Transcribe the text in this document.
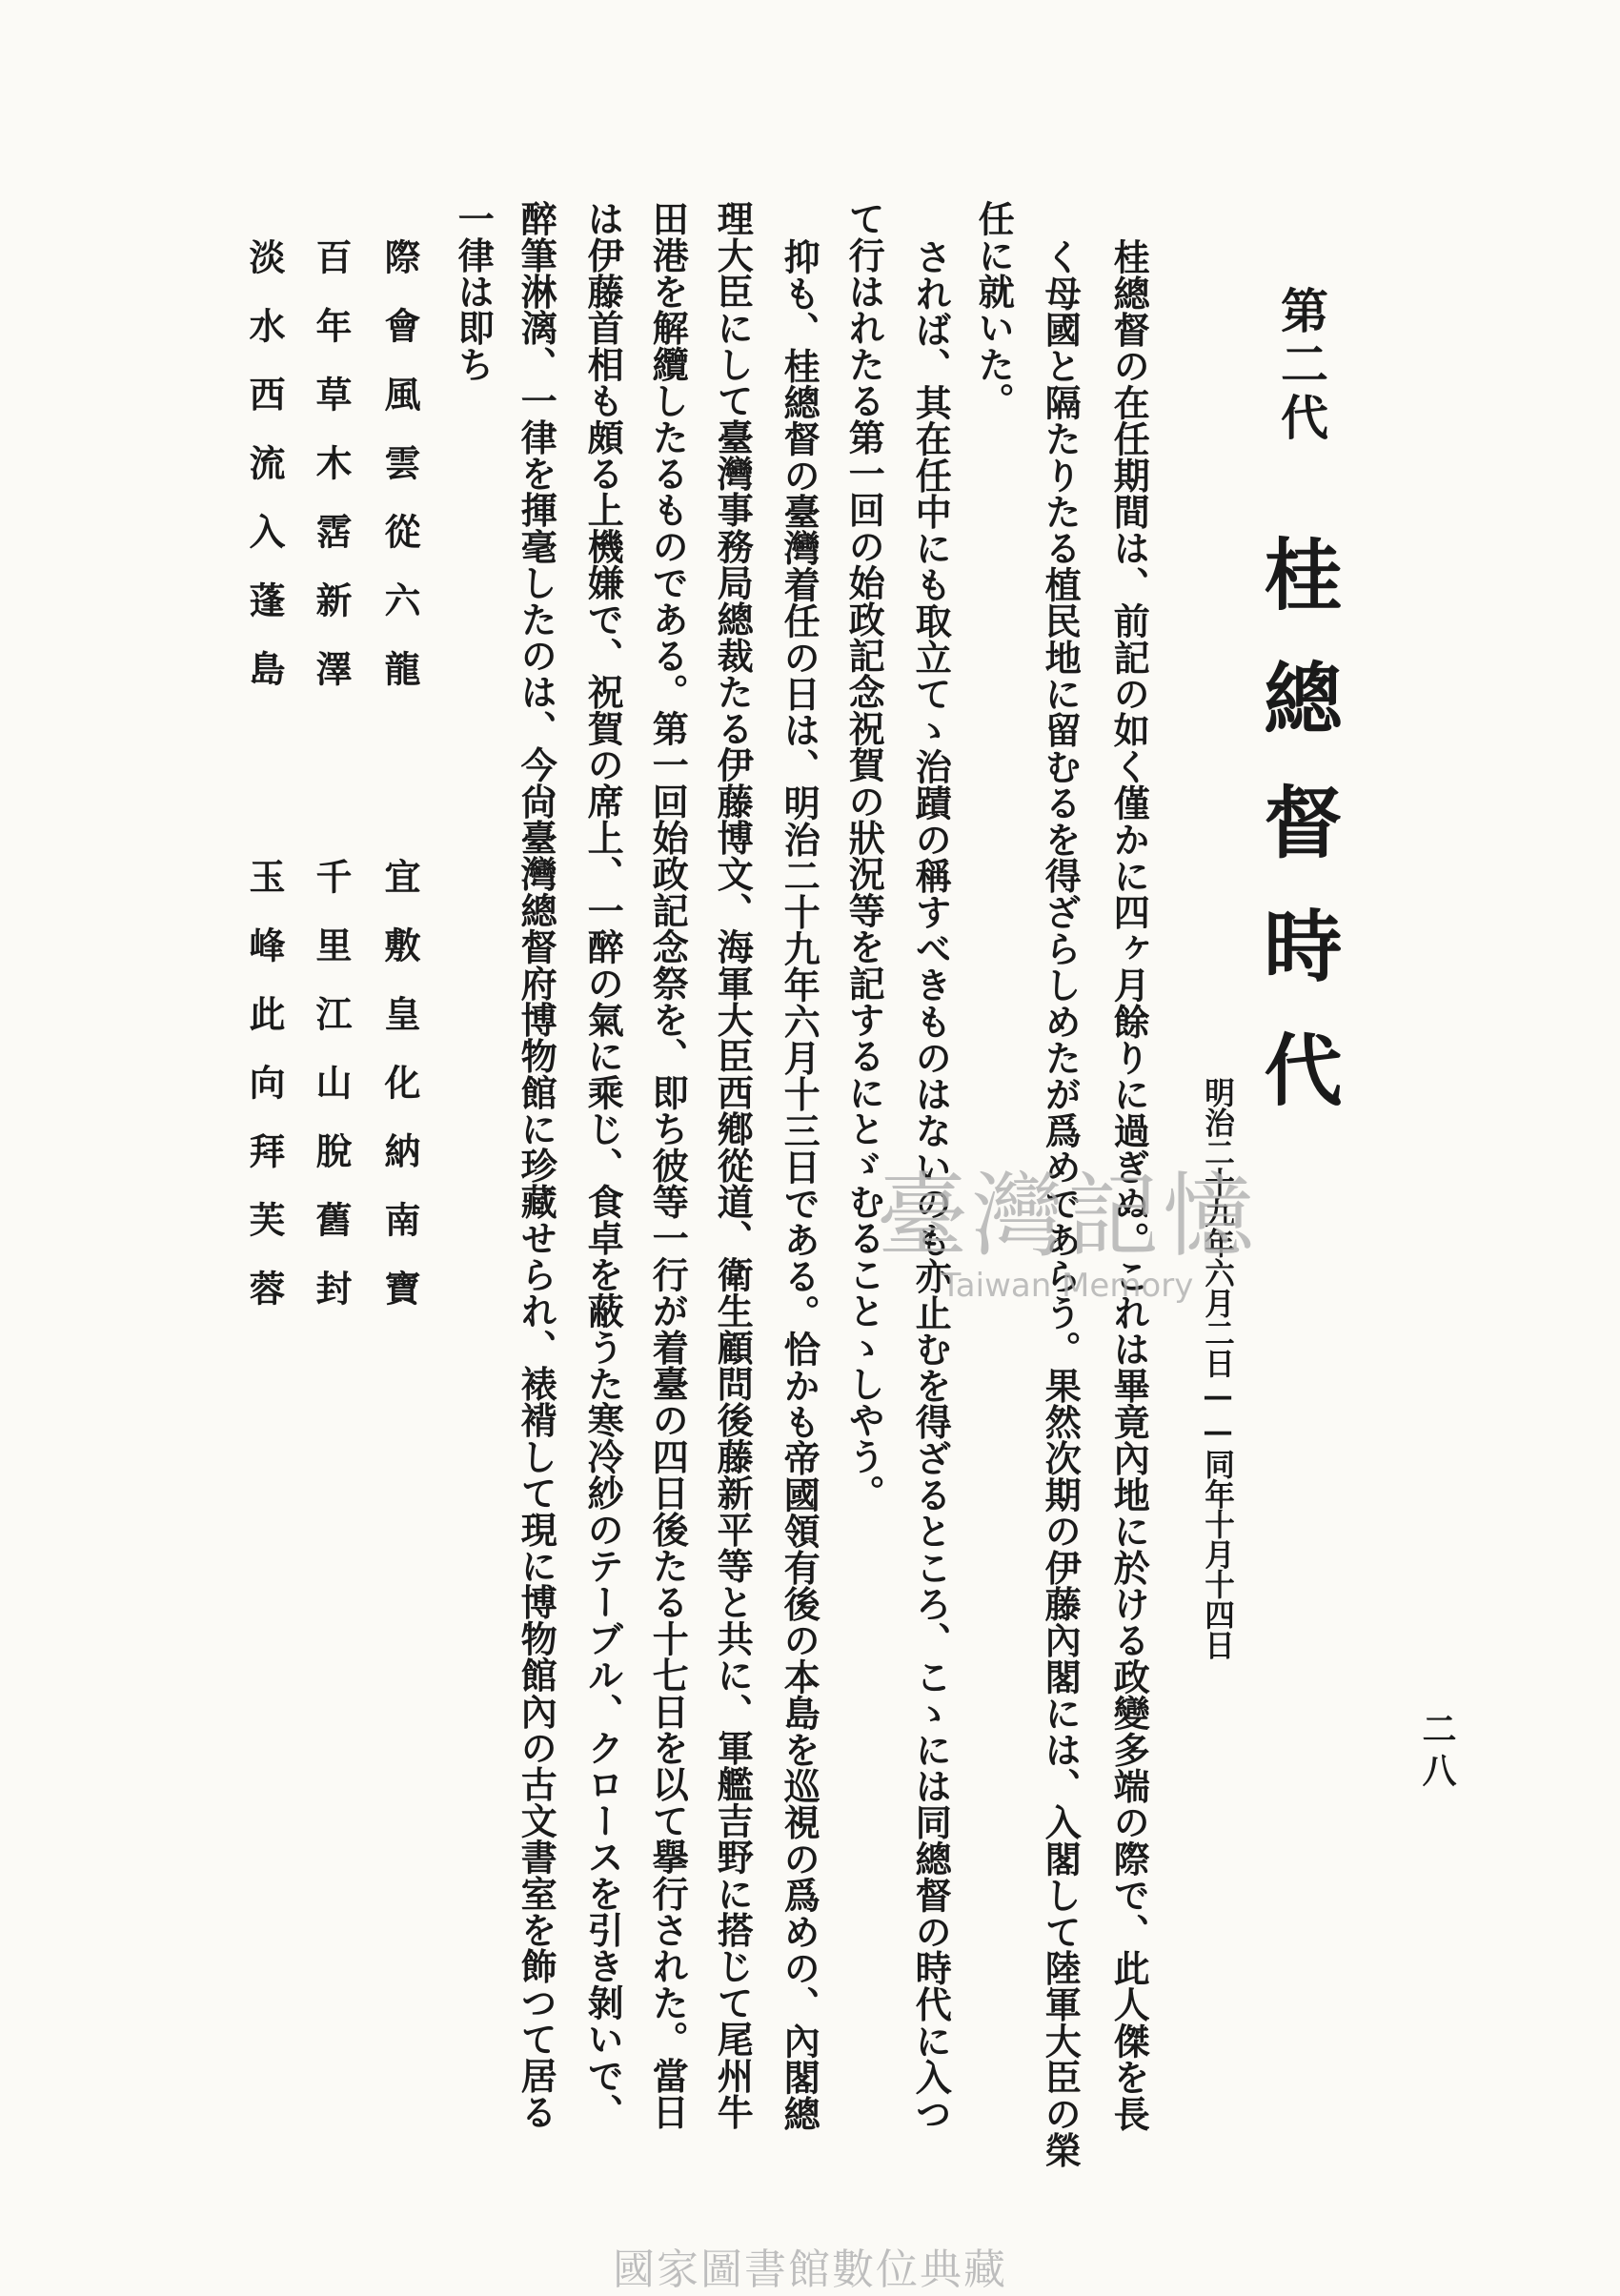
第二代
桂總督時代
明治二十九年六月二日——同年十月十四日
二八
桂總督の在任期間は、前記の如く僅かに四ヶ月餘りに過ぎぬ。これは畢竟內地に於ける政變多端の際で、此人傑を長
く母國と隔たりたる植民地に留むるを得ざらしめたが爲めであらう。果然次期の伊藤內閣には、入閣して陸軍大臣の榮
任に就いた。
されば、其在任中にも取立てゝ治蹟の稱すべきものはないのも亦止むを得ざるところ、こゝには同總督の時代に入つ
て行はれたる第一回の始政記念祝賀の狀況等を記するにとゞむることゝしやう。
抑も、桂總督の臺灣着任の日は、明治二十九年六月十三日である。恰かも帝國領有後の本島を巡視の爲めの、內閣總
理大臣にして臺灣事務局總裁たる伊藤博文、海軍大臣西鄕從道、衛生顧問後藤新平等と共に、軍艦吉野に搭じて尾州牛
田港を解纜したるものである。第一回始政記念祭を、即ち彼等一行が着臺の四日後たる十七日を以て擧行された。當日
は伊藤首相も頗る上機嫌で、祝賀の席上、一醉の氣に乘じ、食卓を蔽うた寒冷紗のテーブル、クロースを引き剝いで、
醉筆淋漓、一律を揮毫したのは、今尙臺灣總督府博物館に珍藏せられ、裱褙して現に博物館內の古文書室を飾つて居る
一律は即ち
際會風雲從六龍
宜敷皇化納南寶
百年草木霑新澤
千里江山脫舊封
淡水西流入蓬島
玉峰此向拜芙蓉	臺灣記憶
Taiwan Memory
國家圖書館數位典藏
